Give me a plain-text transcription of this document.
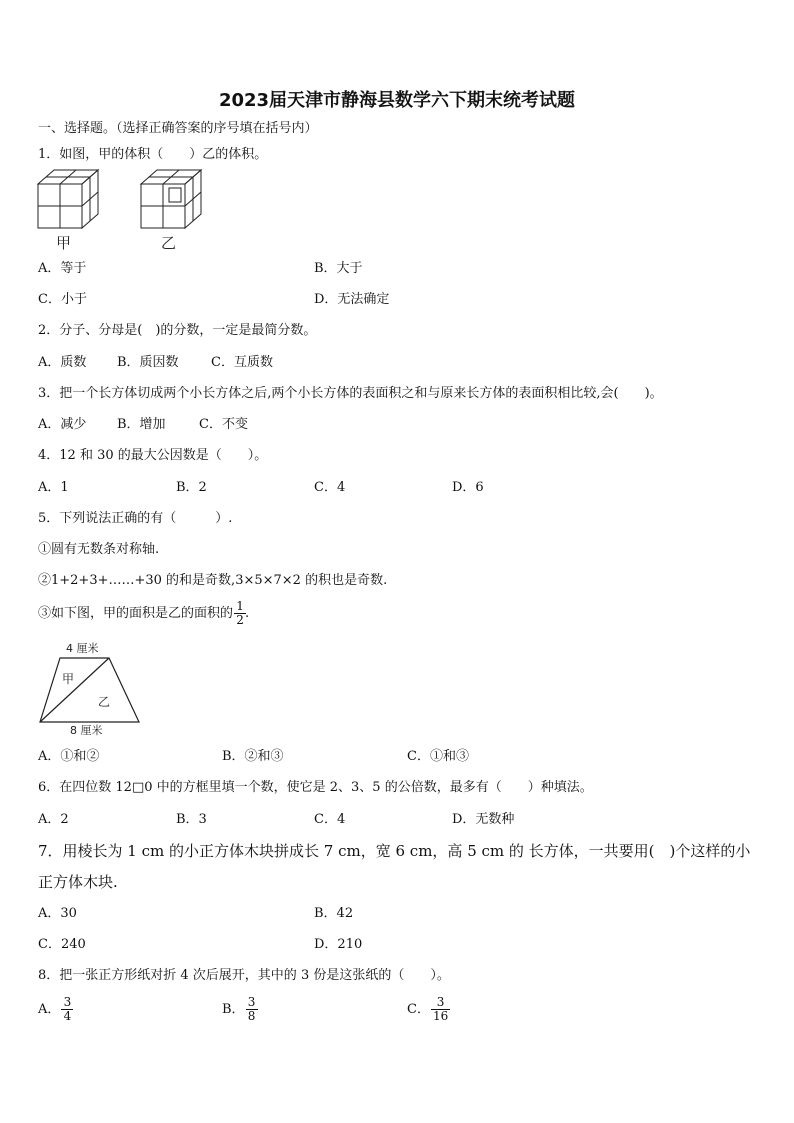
2023届天津市静海县数学六下期末统考试题
一、选择题。（选择正确答案的序号填在括号内）
1．如图，甲的体积（　　）乙的体积。
甲	乙
A．等于	B．大于
C．小于	D．无法确定
2．分子、分母是(　)的分数，一定是最简分数。
A．质数 B．质因数 C．互质数
3．把一个长方体切成两个小长方体之后,两个小长方体的表面积之和与原来长方体的表面积相比较,会(　　)。
A．减少 B．增加	C．不变
4．12 和 30 的最大公因数是（　　）。
A．1	B．2	C．4	D．6
5．下列说法正确的有（　　　）.
①圆有无数条对称轴.
②1+2+3+……+30 的和是奇数,3×5×7×2 的积也是奇数.
③如下图，甲的面积是乙的面积的 $\frac{1}{2}$ .
4 厘米
甲
乙
8 厘米
A．①和②	B．②和③	C．①和③
6．在四位数 12□0 中的方框里填一个数，使它是 2、3、5 的公倍数，最多有（　　）种填法。
A．2	B．3	C．4	D．无数种
7．用棱长为 1 cm 的小正方体木块拼成长 7 cm，宽 6 cm，高 5 cm 的 长方体，一共要用(　)个这样的小
正方体木块.
A．30	B．42
C．240	D．210
8．把一张正方形纸对折 4 次后展开，其中的 3 份是这张纸的（　　）。
A． $\frac{3}{4}$	B． $\frac{3}{8}$	C． $\frac{3}{16}$
